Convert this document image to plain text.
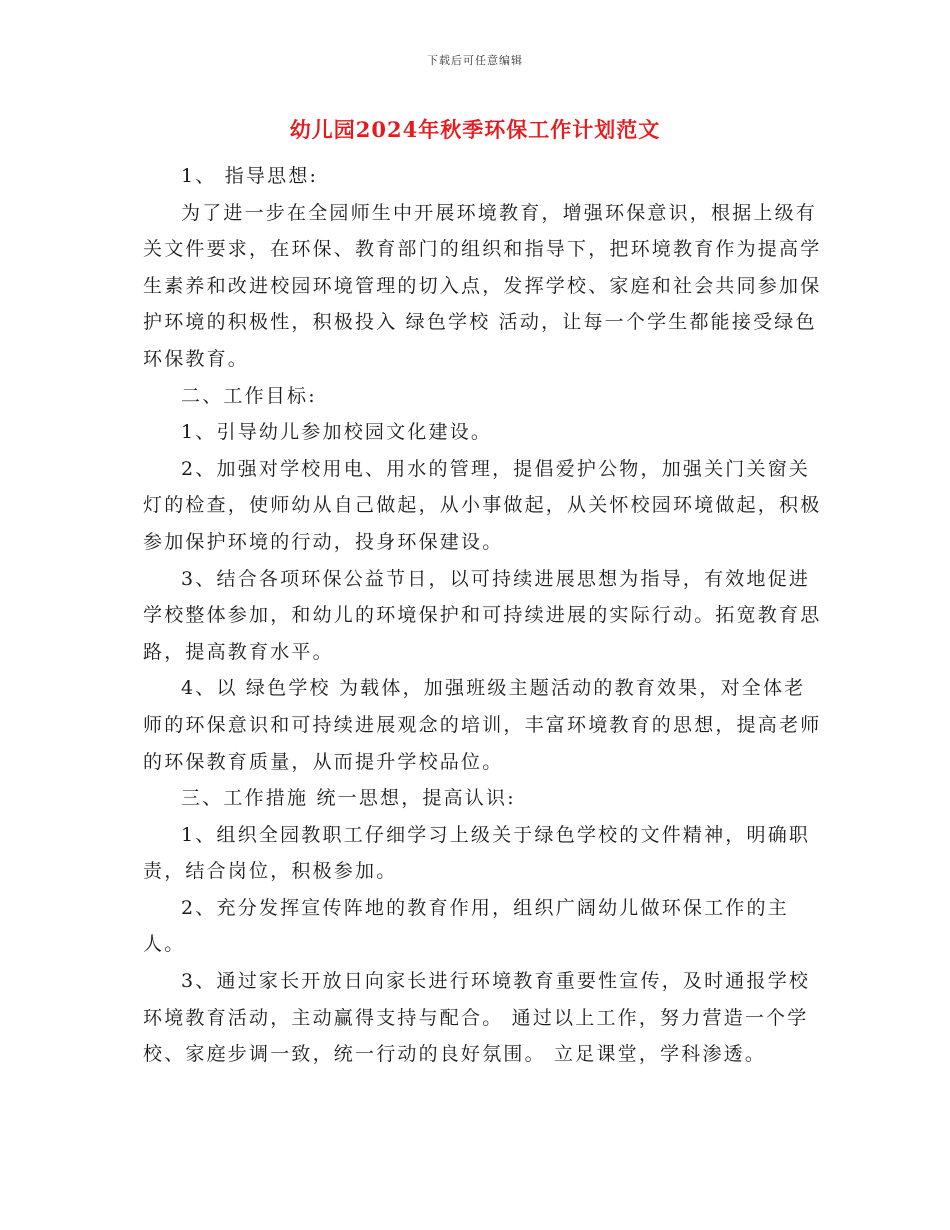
下载后可任意编辑
幼儿园2024年秋季环保工作计划范文

1、 指导思想:

为了进一步在全园师生中开展环境教育，增强环保意识，根据上级有关文件要求，在环保、教育部门的组织和指导下，把环境教育作为提高学生素养和改进校园环境管理的切入点，发挥学校、家庭和社会共同参加保护环境的积极性，积极投入 绿色学校 活动，让每一个学生都能接受绿色环保教育。

二、工作目标:

1、引导幼儿参加校园文化建设。

2、加强对学校用电、用水的管理，提倡爱护公物，加强关门关窗关灯的检查，使师幼从自己做起，从小事做起，从关怀校园环境做起，积极参加保护环境的行动，投身环保建设。

3、结合各项环保公益节日，以可持续进展思想为指导，有效地促进学校整体参加，和幼儿的环境保护和可持续进展的实际行动。拓宽教育思路，提高教育水平。

4、以 绿色学校 为载体，加强班级主题活动的教育效果，对全体老师的环保意识和可持续进展观念的培训，丰富环境教育的思想，提高老师的环保教育质量，从而提升学校品位。

三、工作措施 统一思想，提高认识:

1、组织全园教职工仔细学习上级关于绿色学校的文件精神，明确职责，结合岗位，积极参加。

2、充分发挥宣传阵地的教育作用，组织广阔幼儿做环保工作的主人。

3、通过家长开放日向家长进行环境教育重要性宣传，及时通报学校环境教育活动，主动赢得支持与配合。 通过以上工作，努力营造一个学校、家庭步调一致，统一行动的良好氛围。 立足课堂，学科渗透。
